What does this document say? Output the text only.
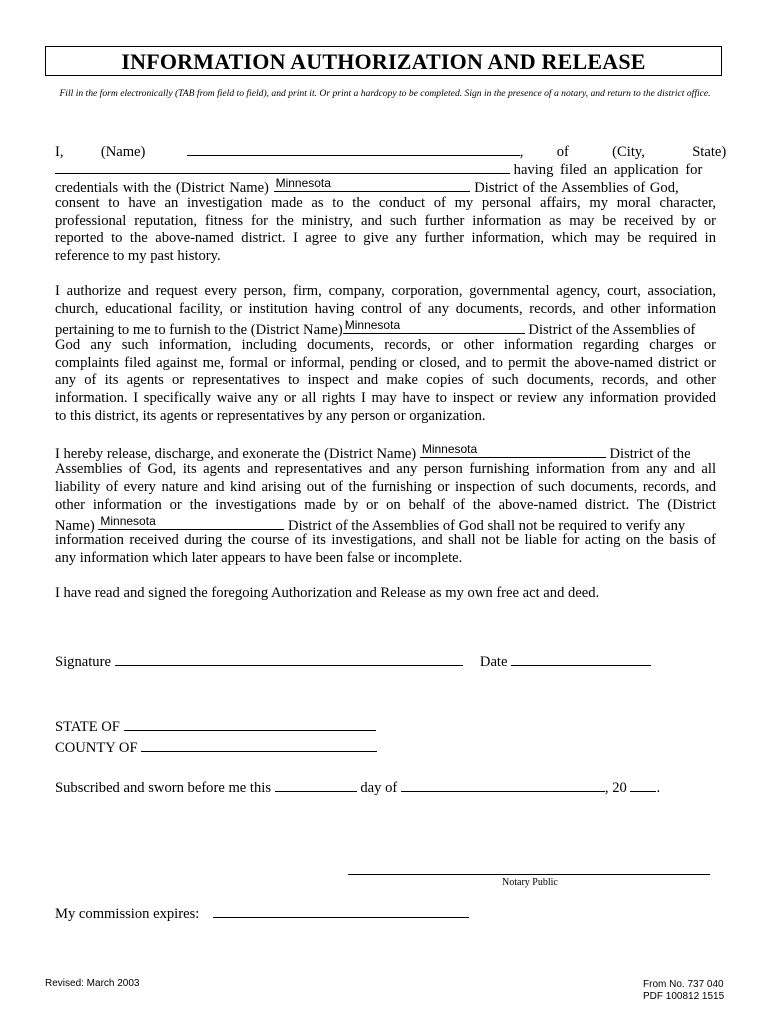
INFORMATION AUTHORIZATION AND RELEASE
Fill in the form electronically (TAB from field to field), and print it. Or print a hardcopy to be completed. Sign in the presence of a notary, and return to the district office.
I,	(Name)	, of	(City,	State)
having filed an application for
credentials with the (District Name) Minnesota	District of the Assemblies of God,
consent to have an investigation made as to the conduct of my personal affairs, my moral character,
professional reputation, fitness for the ministry, and such further information as may be received by or
reported to the above-named district. I agree to give any further information, which may be required in
reference to my past history.
I authorize and request every person, firm, company, corporation, governmental agency, court, association,
church, educational facility, or institution having control of any documents, records, and other information
pertaining to me to furnish to the (District Name) Minnesota	District of the Assemblies of
God any such information, including documents, records, or other information regarding charges or
complaints filed against me, formal or informal, pending or closed, and to permit the above-named district or
any of its agents or representatives to inspect and make copies of such documents, records, and other
information. I specifically waive any or all rights I may have to inspect or review any information provided
to this district, its agents or representatives by any person or organization.
I hereby release, discharge, and exonerate the (District Name) Minnesota	District of the
Assemblies of God, its agents and representatives and any person furnishing information from any and all
liability of every nature and kind arising out of the furnishing or inspection of such documents, records, and
other information or the investigations made by or on behalf of the above-named district. The (District
Name) Minnesota	District of the Assemblies of God shall not be required to verify any
information received during the course of its investigations, and shall not be liable for acting on the basis of
any information which later appears to have been false or incomplete.
I have read and signed the foregoing Authorization and Release as my own free act and deed.
Signature	Date
STATE OF
COUNTY OF
Subscribed and sworn before me this	day of	, 20 .
Notary Public
My commission expires:
Revised: March 2003	From No. 737 040
PDF 100812 1515
